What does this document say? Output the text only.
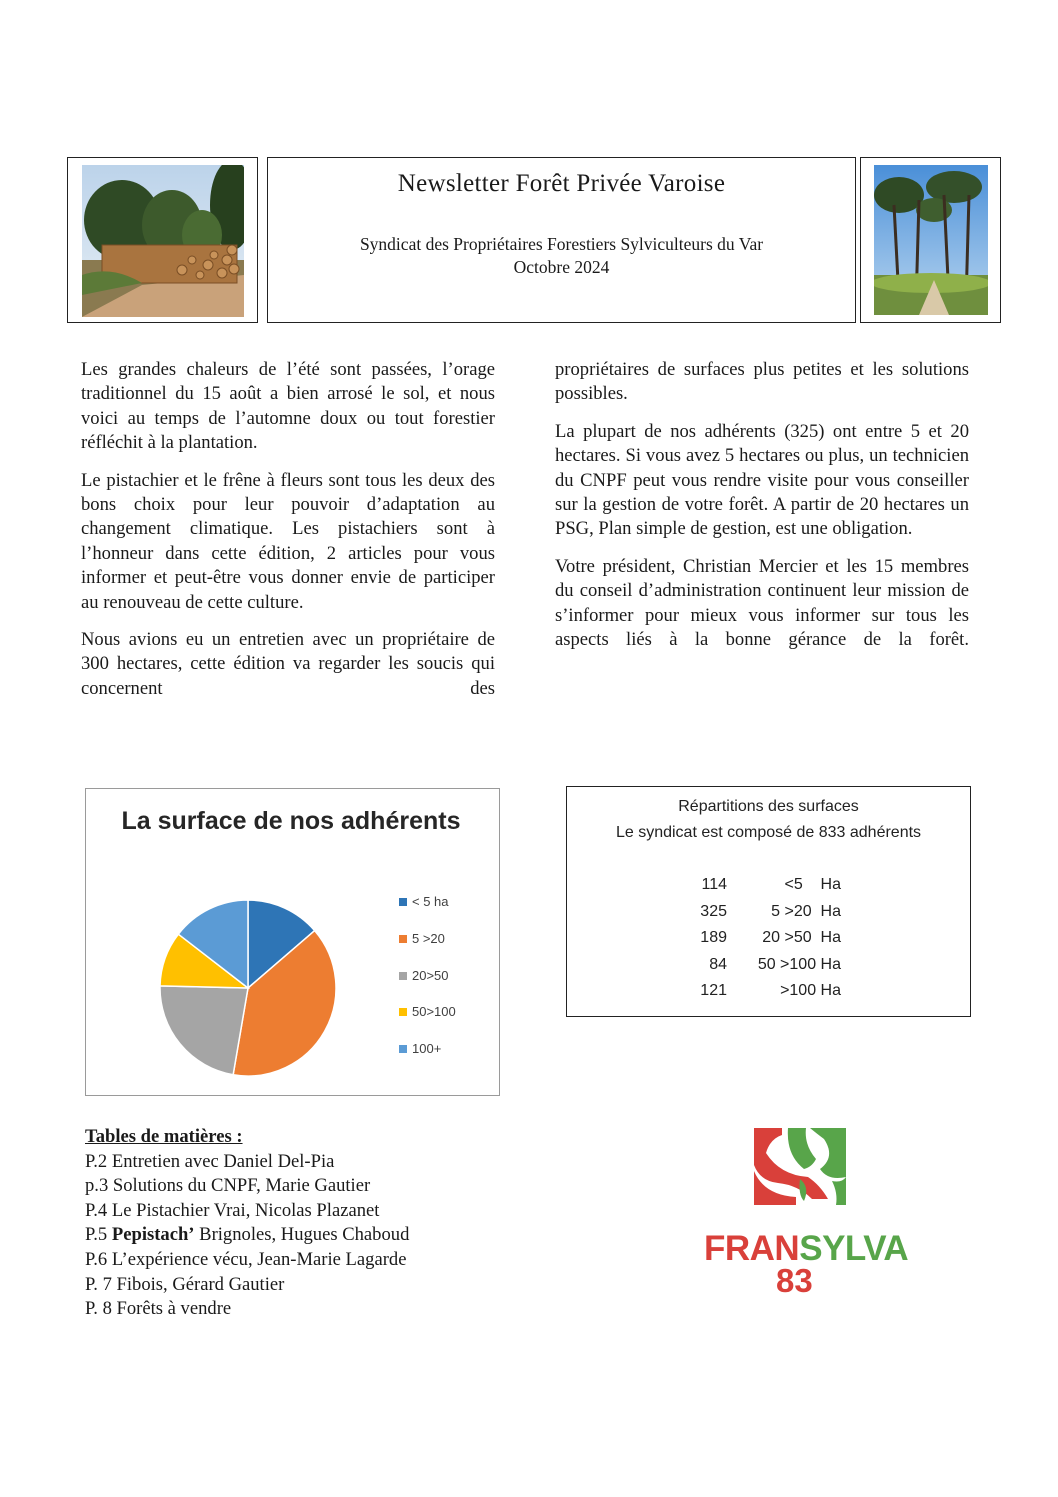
Newsletter Forêt Privée Varoise
Syndicat des Propriétaires Forestiers Sylviculteurs du Var
Octobre 2024

Les grandes chaleurs de l’été sont passées, l’orage traditionnel du 15 août a bien arrosé le sol, et nous voici au temps de l’automne doux ou tout forestier réfléchit à la plantation.

Le pistachier et le frêne à fleurs sont tous les deux des bons choix pour leur pouvoir d’adaptation au changement climatique. Les pistachiers sont à l’honneur dans cette édition, 2 articles pour vous informer et peut-être vous donner envie de participer au renouveau de cette culture.

Nous avions eu un entretien avec un propriétaire de 300 hectares, cette édition va regarder les soucis qui concernent des

propriétaires de surfaces plus petites et les solutions possibles.

La plupart de nos adhérents (325) ont entre 5 et 20 hectares. Si vous avez 5 hectares ou plus, un technicien du CNPF peut vous rendre visite pour vous conseiller sur la gestion de votre forêt. A partir de 20 hectares un PSG, Plan simple de gestion, est une obligation.

Votre président, Christian Mercier et les 15 membres du conseil d’administration continuent leur mission de s’informer pour mieux vous informer sur tous les aspects liés à la bonne gérance de la forêt.

La surface de nos adhérents
< 5 ha
5 >20
20>50
50>100
100+
Répartitions des surfaces
Le syndicat est composé de 833 adhérents
114	<5    Ha
325	5 >20  Ha
189 20 >50  Ha
84 50 >100 Ha
121	>100 Ha
Tables de matières :
P.2 Entretien avec Daniel Del-Pia
p.3 Solutions du CNPF, Marie Gautier
P.4 Le Pistachier Vrai, Nicolas Plazanet
P.5 Pepistach’ Brignoles, Hugues Chaboud
P.6 L’expérience vécu, Jean-Marie Lagarde
P. 7 Fibois, Gérard Gautier
P. 8 Forêts à vendre
FRANSYLVA
83
